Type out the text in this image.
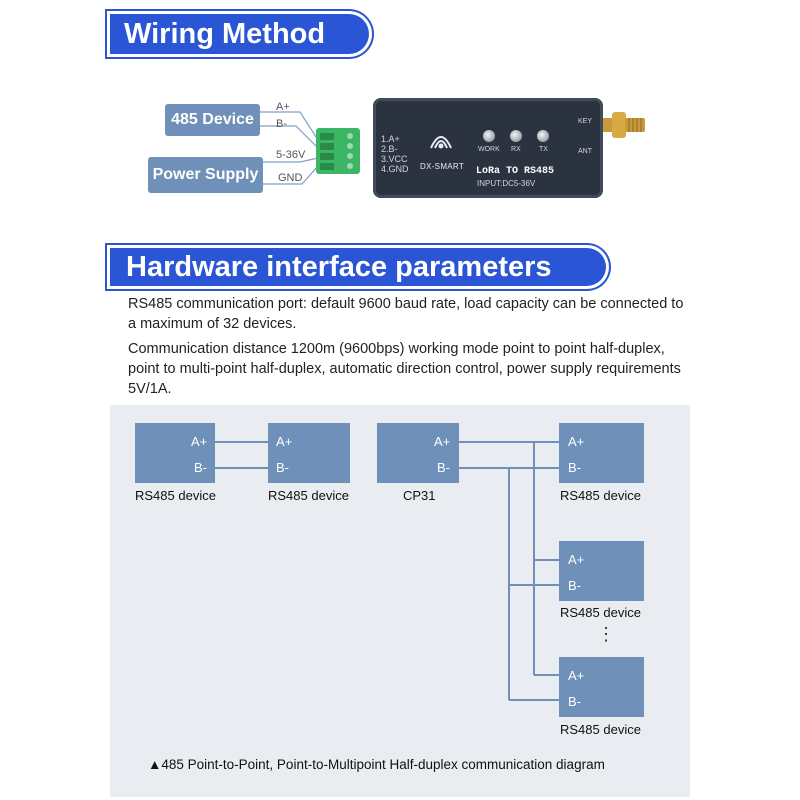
Wiring Method
485 Device
Power Supply
A+
B-
5-36V
GND
1.A+
2.B-
3.VCC
4.GND DX-SMART
WORK RX	TX
KEY
ANT
LoRa TO RS485
INPUT:DC5-36V
Hardware interface parameters
RS485 communication port: default 9600 baud rate, load capacity can be connected to a maximum of 32 devices.
Communication distance 1200m (9600bps) working mode point to point half-duplex, point to multi-point half-duplex, automatic direction control, power supply requirements 5V/1A.
A+
B-
RS485 device
A+
B-
RS485 device
A+
B-
CP31
A+
B-
RS485 device
A+
B-
RS485 device
⋮
A+
B-
RS485 device
▲485 Point-to-Point, Point-to-Multipoint Half-duplex communication diagram
